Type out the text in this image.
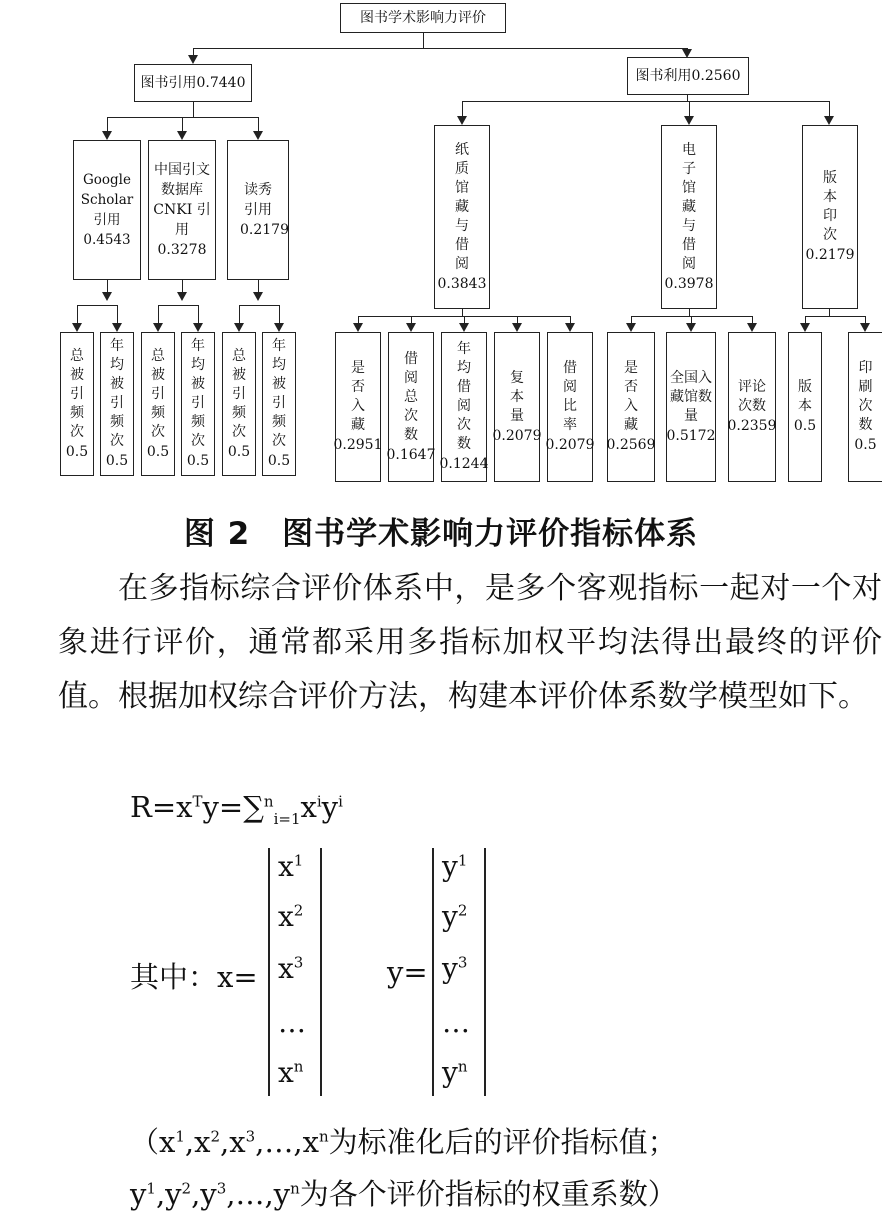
图书学术影响力评价
图书引用0.7440	图书利用0.2560
Google Scholar 引用
0.4543
中国引文数据库CNKI 引用
0.3278
读秀引用
0.2179
纸质馆藏与借阅
0.3843
电子馆藏与借阅
0.3978
版本印次
0.2179
总被引频次
0.5
年均被引频次
0.5
总被引频次
0.5
年均被引频次
0.5
总被引频次
0.5
年均被引频次
0.5
是否入藏
0.2951
借阅总次数
0.1647
年均借阅次数
0.1244
复本量
0.2079
借阅比率
0.2079
是否入藏
0.2569
全国入藏馆数量
0.5172
评论次数
0.2359
版本
0.5
印刷次数
0.5
图 2　图书学术影响力评价指标体系

在多指标综合评价体系中，是多个客观指标一起对一个对象进行评价，通常都采用多指标加权平均法得出最终的评价值。根据加权综合评价方法，构建本评价体系数学模型如下。

$R=x^Ty=\sum^n_{i=1}x^iy^i$
其中：x=
$x^1$
$x^2$
$x^3$
…
$x^n$
y=
$y^1$
$y^2$
$y^3$
…
$y^n$
（$x^1,x^2,x^3,\dots,x^n$为标准化后的评价指标值；
$y^1,y^2,y^3,\dots,y^n$为各个评价指标的权重系数）
